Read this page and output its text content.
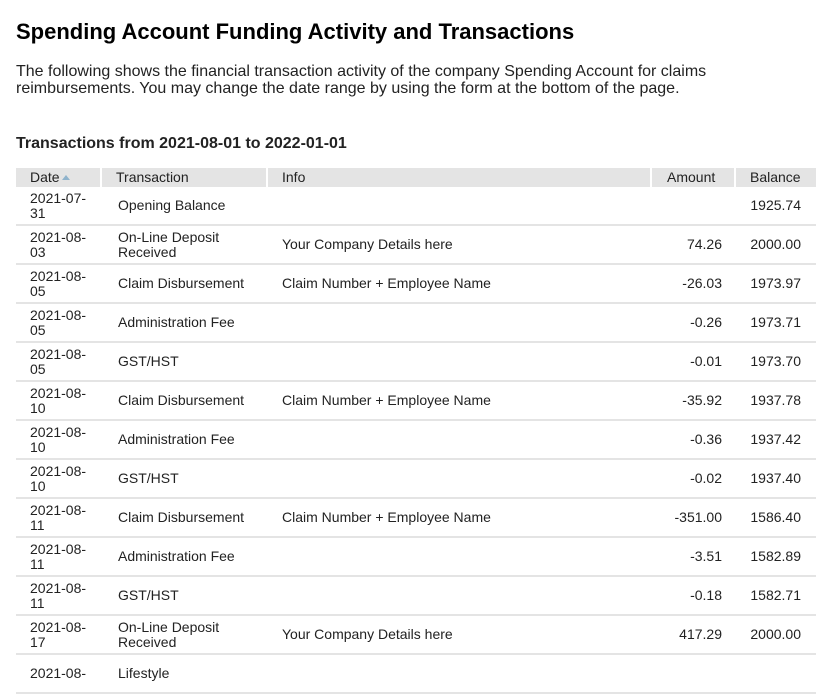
Spending Account Funding Activity and Transactions

The following shows the financial transaction activity of the company Spending Account for claims reimbursements. You may change the date range by using the form at the bottom of the page.

Transactions from 2021-08-01 to 2022-01-01
Date	Transaction	Info	Amount	Balance
2021-07-31	Opening Balance			1925.74
2021-08-03	On-Line Deposit Received	Your Company Details here	74.26	2000.00
2021-08-05	Claim Disbursement	Claim Number + Employee Name	-26.03	1973.97
2021-08-05	Administration Fee		-0.26	1973.71
2021-08-05	GST/HST		-0.01	1973.70
2021-08-10	Claim Disbursement	Claim Number + Employee Name	-35.92	1937.78
2021-08-10	Administration Fee		-0.36	1937.42
2021-08-10	GST/HST		-0.02	1937.40
2021-08-11	Claim Disbursement	Claim Number + Employee Name	-351.00	1586.40
2021-08-11	Administration Fee		-3.51	1582.89
2021-08-11	GST/HST		-0.18	1582.71
2021-08-17	On-Line Deposit Received	Your Company Details here	417.29	2000.00
2021-08-	Lifestyle			
